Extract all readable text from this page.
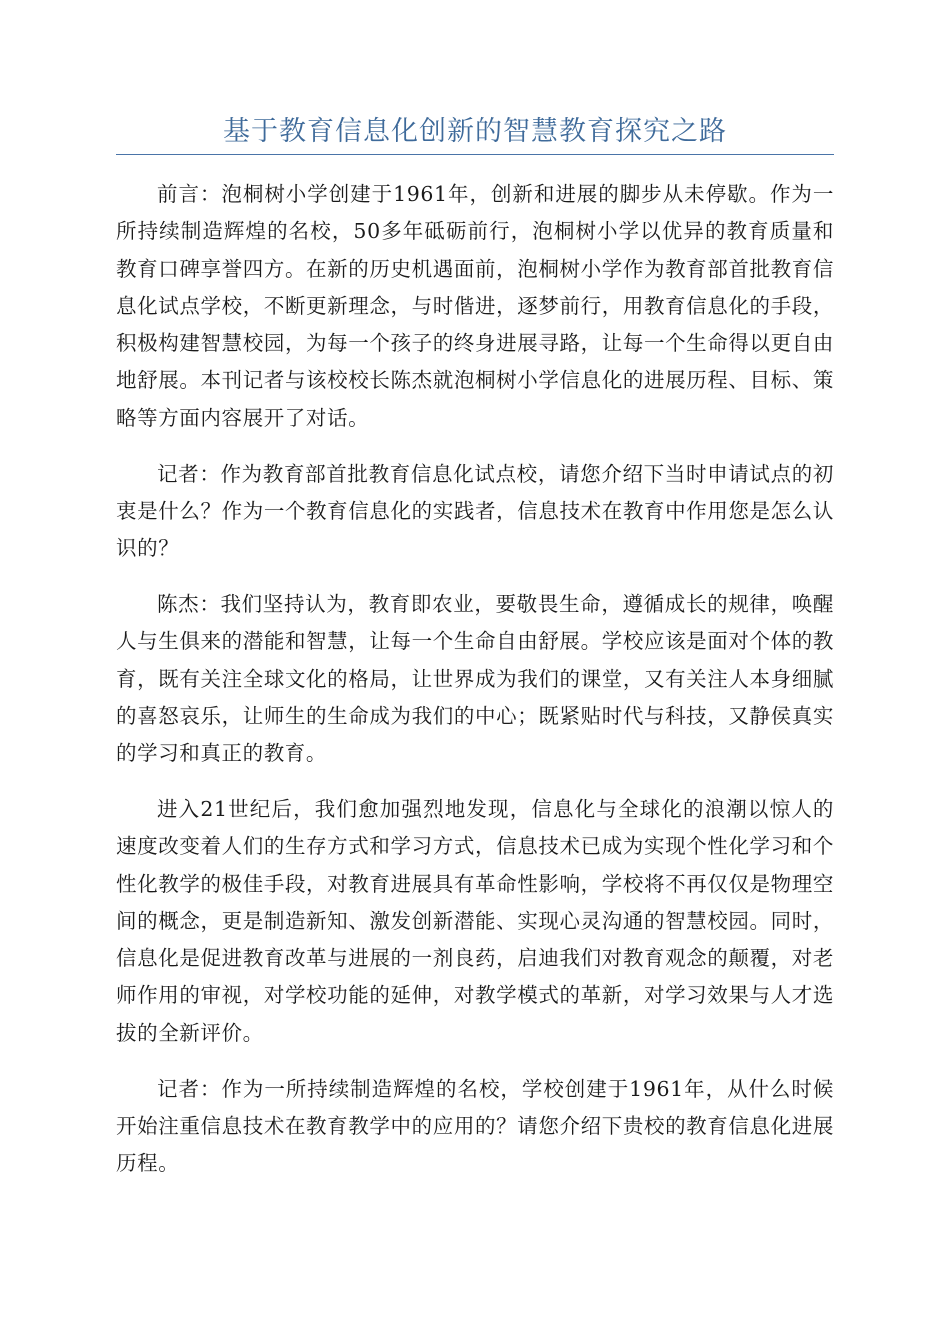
基于教育信息化创新的智慧教育探究之路

前言：泡桐树小学创建于1961年，创新和进展的脚步从未停歇。作为一所持续制造辉煌的名校，50多年砥砺前行，泡桐树小学以优异的教育质量和教育口碑享誉四方。在新的历史机遇面前，泡桐树小学作为教育部首批教育信息化试点学校，不断更新理念，与时偕进，逐梦前行，用教育信息化的手段，积极构建智慧校园，为每一个孩子的终身进展寻路，让每一个生命得以更自由地舒展。本刊记者与该校校长陈杰就泡桐树小学信息化的进展历程、目标、策略等方面内容展开了对话。

记者：作为教育部首批教育信息化试点校，请您介绍下当时申请试点的初衷是什么？作为一个教育信息化的实践者，信息技术在教育中作用您是怎么认识的？

陈杰：我们坚持认为，教育即农业，要敬畏生命，遵循成长的规律，唤醒人与生俱来的潜能和智慧，让每一个生命自由舒展。学校应该是面对个体的教育，既有关注全球文化的格局，让世界成为我们的课堂，又有关注人本身细腻的喜怒哀乐，让师生的生命成为我们的中心；既紧贴时代与科技，又静侯真实的学习和真正的教育。

进入21世纪后，我们愈加强烈地发现，信息化与全球化的浪潮以惊人的速度改变着人们的生存方式和学习方式，信息技术已成为实现个性化学习和个性化教学的极佳手段，对教育进展具有革命性影响，学校将不再仅仅是物理空间的概念，更是制造新知、激发创新潜能、实现心灵沟通的智慧校园。同时，信息化是促进教育改革与进展的一剂良药，启迪我们对教育观念的颠覆，对老师作用的审视，对学校功能的延伸，对教学模式的革新，对学习效果与人才选拔的全新评价。

记者：作为一所持续制造辉煌的名校，学校创建于1961年，从什么时候开始注重信息技术在教育教学中的应用的？请您介绍下贵校的教育信息化进展历程。
